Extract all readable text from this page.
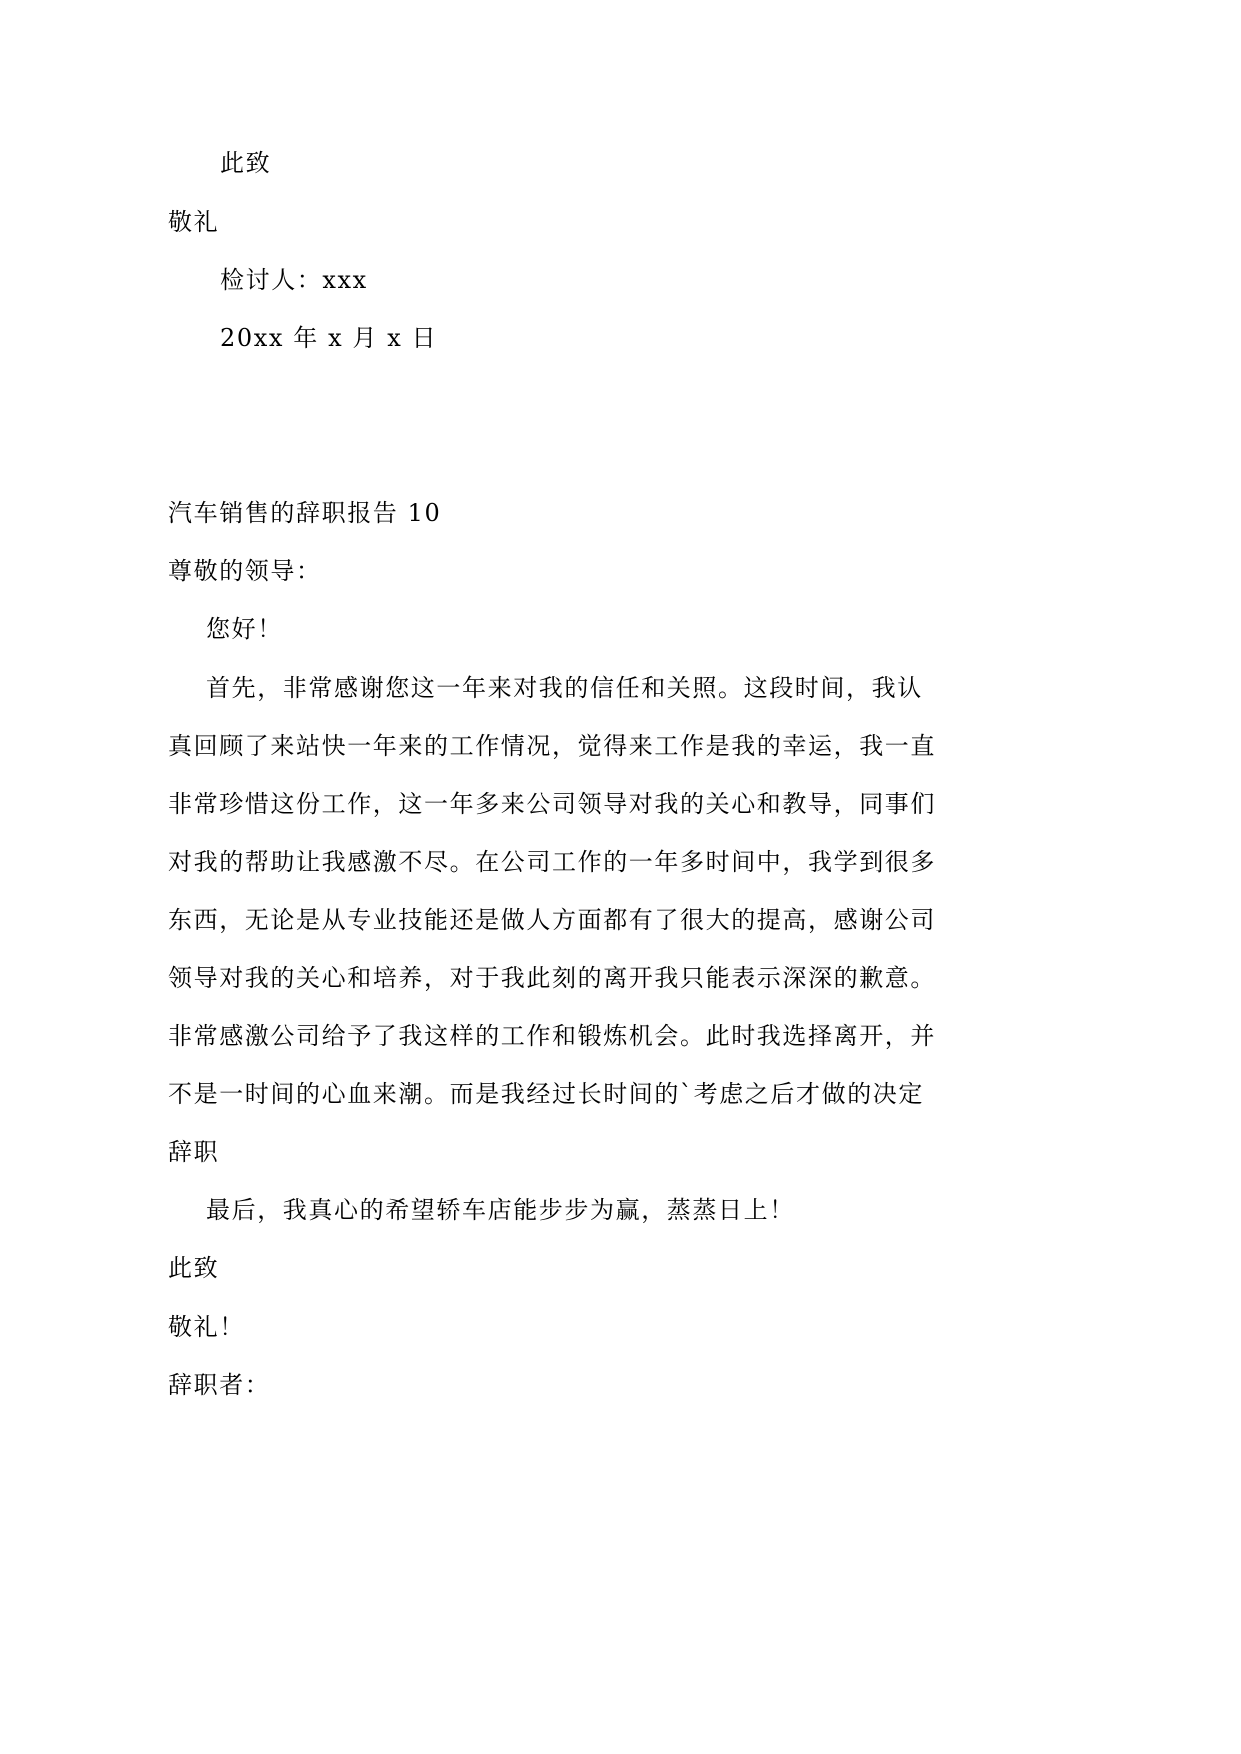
此致
敬礼
检讨人：xxx
20xx 年 x 月 x 日
汽车销售的辞职报告 10
尊敬的领导：
您好！
首先，非常感谢您这一年来对我的信任和关照。这段时间，我认
真回顾了来站快一年来的工作情况，觉得来工作是我的幸运，我一直
非常珍惜这份工作，这一年多来公司领导对我的关心和教导，同事们
对我的帮助让我感激不尽。在公司工作的一年多时间中，我学到很多
东西，无论是从专业技能还是做人方面都有了很大的提高，感谢公司
领导对我的关心和培养，对于我此刻的离开我只能表示深深的歉意。
非常感激公司给予了我这样的工作和锻炼机会。此时我选择离开，并
不是一时间的心血来潮。而是我经过长时间的`考虑之后才做的决定
辞职
最后，我真心的希望轿车店能步步为赢，蒸蒸日上！
此致
敬礼！
辞职者：
